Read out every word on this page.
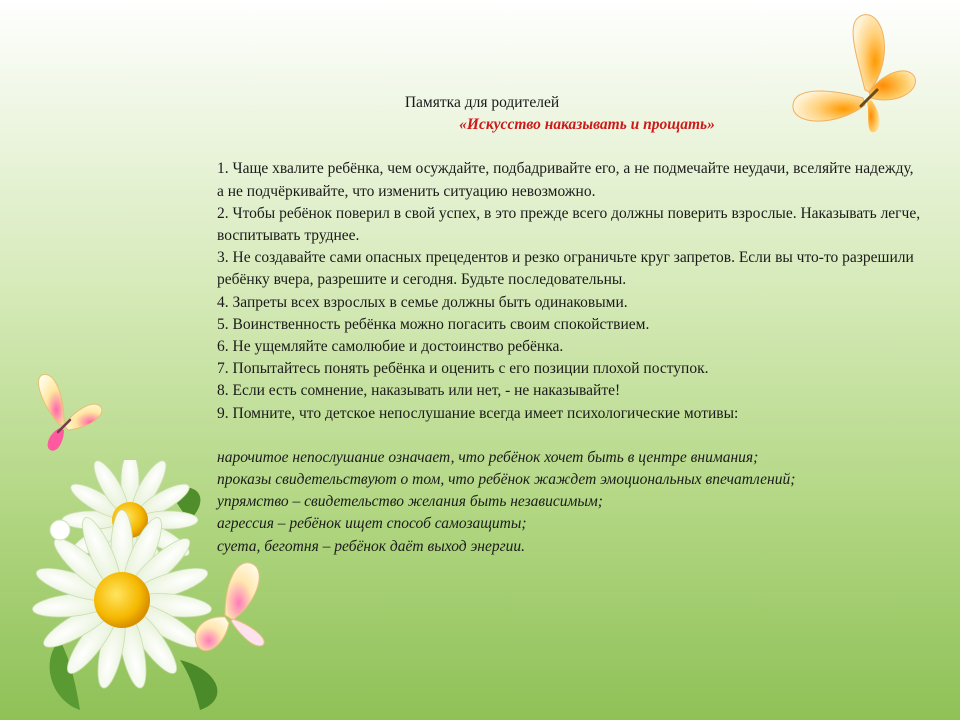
Памятка для родителей

«Искусство наказывать и прощать»

1. Чаще хвалите ребёнка, чем осуждайте, подбадривайте его, а не подмечайте неудачи, вселяйте надежду, а не подчёркивайте, что изменить ситуацию невозможно.

2. Чтобы ребёнок поверил в свой успех, в это прежде всего должны поверить взрослые. Наказывать легче, воспитывать труднее.

3. Не создавайте сами опасных прецедентов и резко ограничьте круг запретов. Если вы что-то разрешили ребёнку вчера, разрешите и сегодня. Будьте последовательны.

4. Запреты всех взрослых в семье должны быть одинаковыми.

5. Воинственность ребёнка можно погасить своим спокойствием.

6. Не ущемляйте самолюбие и достоинство ребёнка.

7. Попытайтесь понять ребёнка и оценить с его позиции плохой поступок.

8. Если есть сомнение, наказывать или нет, - не наказывайте!

9. Помните, что детское непослушание всегда имеет психологические мотивы:

нарочитое непослушание означает, что ребёнок хочет быть в центре внимания;

проказы свидетельствуют о том, что ребёнок жаждет эмоциональных впечатлений;

упрямство – свидетельство желания быть независимым;

агрессия – ребёнок ищет способ самозащиты;

суета, беготня – ребёнок даёт выход энергии.
